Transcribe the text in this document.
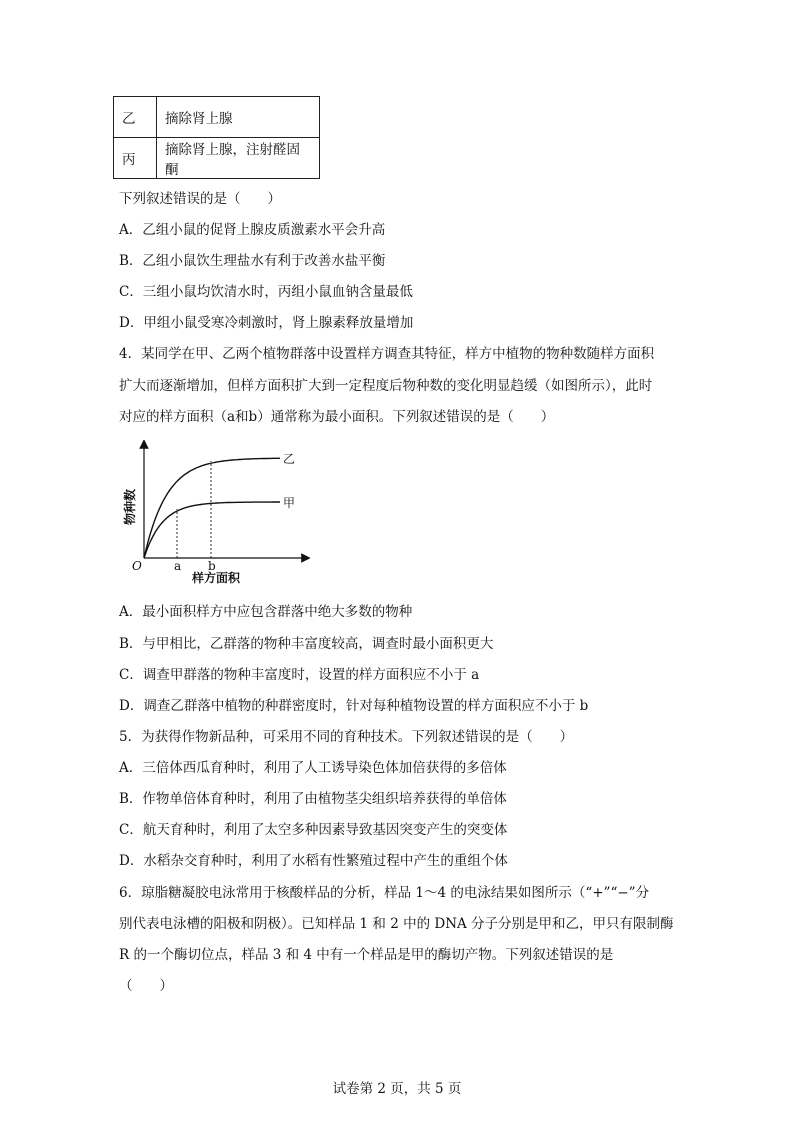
乙	摘除肾上腺
丙	摘除肾上腺，注射醛固酮
下列叙述错误的是（　　）
A．乙组小鼠的促肾上腺皮质激素水平会升高
B．乙组小鼠饮生理盐水有利于改善水盐平衡
C．三组小鼠均饮清水时，丙组小鼠血钠含量最低
D．甲组小鼠受寒冷刺激时，肾上腺素释放量增加
4．某同学在甲、乙两个植物群落中设置样方调查其特征，样方中植物的物种数随样方面积
扩大而逐渐增加，但样方面积扩大到一定程度后物种数的变化明显趋缓（如图所示），此时
对应的样方面积（a和b）通常称为最小面积。下列叙述错误的是（　　）
乙
甲
a b
O
样方面积
物种数
A．最小面积样方中应包含群落中绝大多数的物种
B．与甲相比，乙群落的物种丰富度较高，调查时最小面积更大
C．调查甲群落的物种丰富度时，设置的样方面积应不小于 a
D．调查乙群落中植物的种群密度时，针对每种植物设置的样方面积应不小于 b
5．为获得作物新品种，可采用不同的育种技术。下列叙述错误的是（　　）
A．三倍体西瓜育种时，利用了人工诱导染色体加倍获得的多倍体
B．作物单倍体育种时，利用了由植物茎尖组织培养获得的单倍体
C．航天育种时，利用了太空多种因素导致基因突变产生的突变体
D．水稻杂交育种时，利用了水稻有性繁殖过程中产生的重组个体
6．琼脂糖凝胶电泳常用于核酸样品的分析，样品 1～4 的电泳结果如图所示（“+”“−”分
别代表电泳槽的阳极和阴极）。已知样品 1 和 2 中的 DNA 分子分别是甲和乙，甲只有限制酶
R 的一个酶切位点，样品 3 和 4 中有一个样品是甲的酶切产物。下列叙述错误的是
（　　）
试卷第 2 页，共 5 页
